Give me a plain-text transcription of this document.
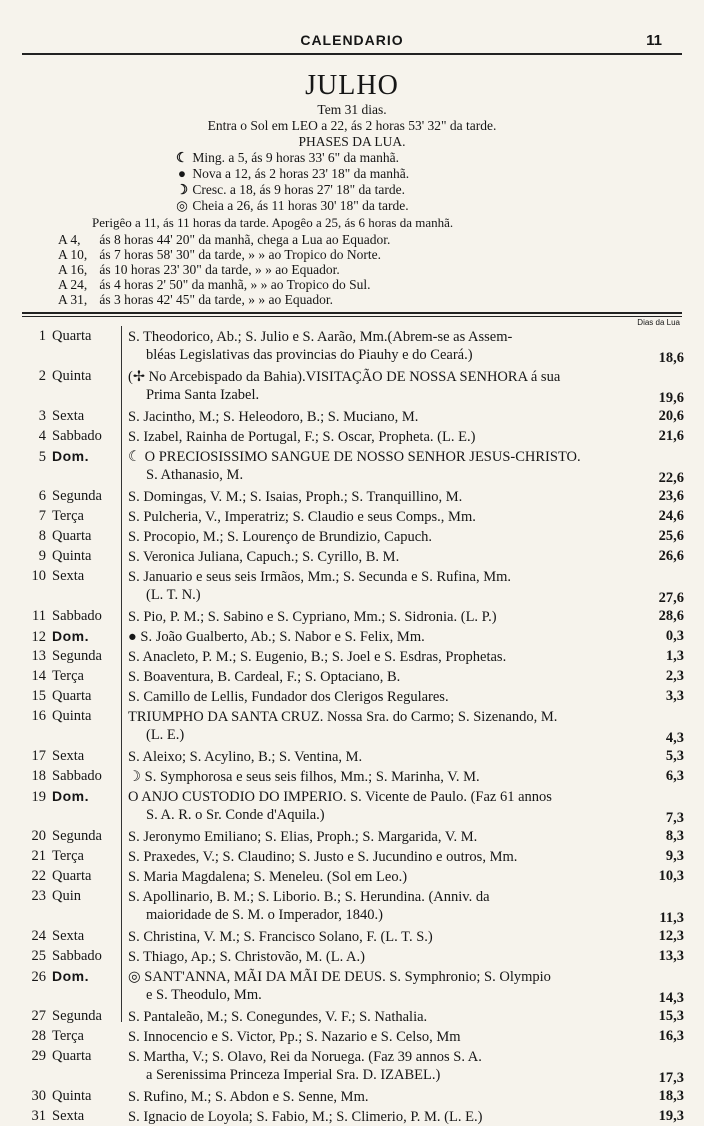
CALENDARIO	11
JULHO
Tem 31 dias.
Entra o Sol em LEO a 22, ás 2 horas 53' 32" da tarde.
PHASES DA LUA.
☾ Ming. a 5, ás 9 horas 33' 6" da manhã.
● Nova a 12, ás 2 horas 23' 18" da manhã.
☽ Cresc. a 18, ás 9 horas 27' 18" da tarde.
◎ Cheia a 26, ás 11 horas 30' 18" da tarde.
Perigêo a 11, ás 11 horas da tarde. Apogêo a 25, ás 6 horas da manhã.
A 4, ás 8 horas 44' 20" da manhã, chega a Lua ao Equador.
A 10, ás 7 horas 58' 30" da tarde, » » ao Tropico do Norte.
A 16, ás 10 horas 23' 30" da tarde, » » ao Equador.
A 24, ás 4 horas 2' 50" da manhã, » » ao Tropico do Sul.
A 31, ás 3 horas 42' 45" da tarde, » » ao Equador.
Dias da Lua
1 Quarta	S. Theodorico, Ab.; S. Julio e S. Aarão, Mm.(Abrem-se as Assem-
bléas Legislativas das provincias do Piauhy e do Ceará.)	18,6
2 Quinta	(✢ No Arcebispado da Bahia).VISITAÇÃO DE NOSSA SENHORA á sua
Prima Santa Izabel.	19,6
3 Sexta	S. Jacintho, M.; S. Heleodoro, B.; S. Muciano, M.	20,6
4 Sabbado	S. Izabel, Rainha de Portugal, F.; S. Oscar, Propheta. (L. E.)	21,6
5 Dom.	☾ O PRECIOSISSIMO SANGUE DE NOSSO SENHOR JESUS-CHRISTO.
S. Athanasio, M.	22,6
6 Segunda	S. Domingas, V. M.; S. Isaias, Proph.; S. Tranquillino, M.	23,6
7 Terça	S. Pulcheria, V., Imperatriz; S. Claudio e seus Comps., Mm.	24,6
8 Quarta	S. Procopio, M.; S. Lourenço de Brundizio, Capuch.	25,6
9 Quinta	S. Veronica Juliana, Capuch.; S. Cyrillo, B. M.	26,6
10 Sexta	S. Januario e seus seis Irmãos, Mm.; S. Secunda e S. Rufina, Mm.
(L. T. N.)	27,6
11 Sabbado	S. Pio, P. M.; S. Sabino e S. Cypriano, Mm.; S. Sidronia. (L. P.)	28,6
12 Dom.	● S. João Gualberto, Ab.; S. Nabor e S. Felix, Mm.	0,3
13 Segunda	S. Anacleto, P. M.; S. Eugenio, B.; S. Joel e S. Esdras, Prophetas.	1,3
14 Terça	S. Boaventura, B. Cardeal, F.; S. Optaciano, B.	2,3
15 Quarta	S. Camillo de Lellis, Fundador dos Clerigos Regulares.	3,3
16 Quinta	TRIUMPHO DA SANTA CRUZ. Nossa Sra. do Carmo; S. Sizenando, M.
(L. E.)	4,3
17 Sexta	S. Aleixo; S. Acylino, B.; S. Ventina, M.	5,3
18 Sabbado	☽ S. Symphorosa e seus seis filhos, Mm.; S. Marinha, V. M.	6,3
19 Dom.	O ANJO CUSTODIO DO IMPERIO. S. Vicente de Paulo. (Faz 61 annos
S. A. R. o Sr. Conde d'Aquila.)	7,3
20 Segunda	S. Jeronymo Emiliano; S. Elias, Proph.; S. Margarida, V. M.	8,3
21 Terça	S. Praxedes, V.; S. Claudino; S. Justo e S. Jucundino e outros, Mm.	9,3
22 Quarta	S. Maria Magdalena; S. Meneleu. (Sol em Leo.)	10,3
23 Quin	S. Apollinario, B. M.; S. Liborio. B.; S. Herundina. (Anniv. da
maioridade de S. M. o Imperador, 1840.)	11,3
24 Sexta	S. Christina, V. M.; S. Francisco Solano, F. (L. T. S.)	12,3
25 Sabbado	S. Thiago, Ap.; S. Christovão, M. (L. A.)	13,3
26 Dom.	◎ SANT'ANNA, MÃI DA MÃI DE DEUS. S. Symphronio; S. Olympio
e S. Theodulo, Mm.	14,3
27 Segunda	S. Pantaleão, M.; S. Conegundes, V. F.; S. Nathalia.	15,3
28 Terça	S. Innocencio e S. Victor, Pp.; S. Nazario e S. Celso, Mm	16,3
29 Quarta	S. Martha, V.; S. Olavo, Rei da Noruega. (Faz 39 annos S. A.
a Serenissima Princeza Imperial Sra. D. IZABEL.)	17,3
30 Quinta	S. Rufino, M.; S. Abdon e S. Senne, Mm.	18,3
31 Sexta	S. Ignacio de Loyola; S. Fabio, M.; S. Climerio, P. M. (L. E.)	19,3
